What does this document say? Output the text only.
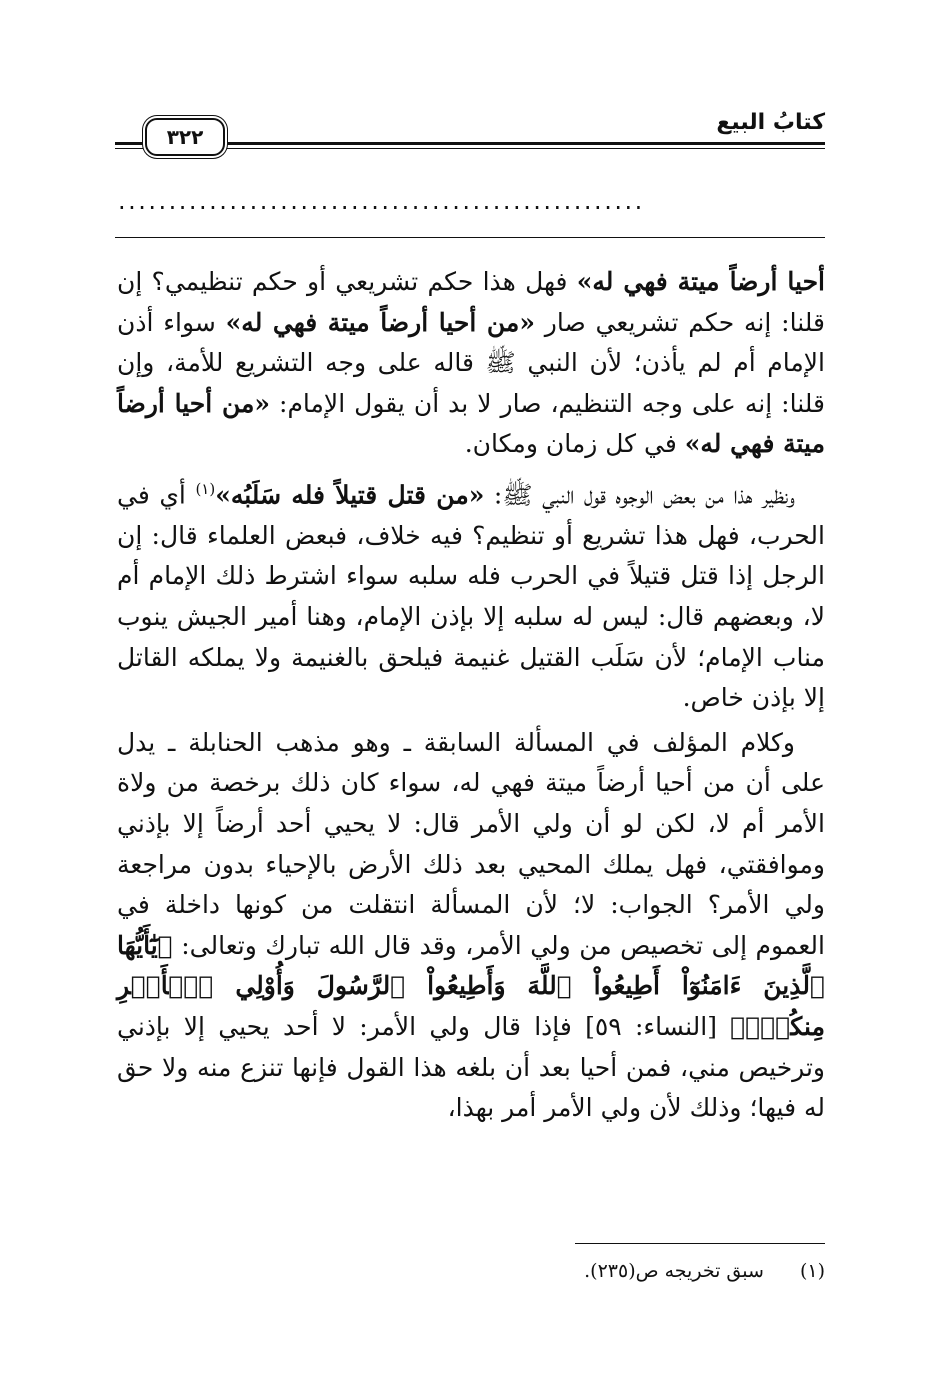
٣٢٢
كتابُ البيع
....................................................

أحيا أرضاً ميتة فهي له» فهل هذا حكم تشريعي أو حكم تنظيمي؟ إن قلنا: إنه حكم تشريعي صار «من أحيا أرضاً ميتة فهي له» سواء أذن الإمام أم لم يأذن؛ لأن النبي ﷺ قاله على وجه التشريع للأمة، وإن قلنا: إنه على وجه التنظيم، صار لا بد أن يقول الإمام: «من أحيا أرضاً ميتة فهي له» في كل زمان ومكان.

ونظير هذا من بعض الوجوه قول النبي ﷺ: «من قتل قتيلاً فله سَلَبُه»$^{(١)}$ أي في الحرب، فهل هذا تشريع أو تنظيم؟ فيه خلاف، فبعض العلماء قال: إن الرجل إذا قتل قتيلاً في الحرب فله سلبه سواء اشترط ذلك الإمام أم لا، وبعضهم قال: ليس له سلبه إلا بإذن الإمام، وهنا أمير الجيش ينوب مناب الإمام؛ لأن سَلَب القتيل غنيمة فيلحق بالغنيمة ولا يملكه القاتل إلا بإذن خاص.

وكلام المؤلف في المسألة السابقة ـ وهو مذهب الحنابلة ـ يدل على أن من أحيا أرضاً ميتة فهي له، سواء كان ذلك برخصة من ولاة الأمر أم لا، لكن لو أن ولي الأمر قال: لا يحيي أحد أرضاً إلا بإذني وموافقتي، فهل يملك المحيي بعد ذلك الأرض بالإحياء بدون مراجعة ولي الأمر؟ الجواب: لا؛ لأن المسألة انتقلت من كونها داخلة في العموم إلى تخصيص من ولي الأمر، وقد قال الله تبارك وتعالى: ﴿يَٰٓأَيُّهَا ٱلَّذِينَ ءَامَنُوٓاْ أَطِيعُواْ ٱللَّهَ وَأَطِيعُواْ ٱلرَّسُولَ وَأُوْلِي ٱلۡأَمۡرِ مِنكُمۡۖ﴾ [النساء: ٥٩] فإذا قال ولي الأمر: لا أحد يحيي إلا بإذني وترخيص مني، فمن أحيا بعد أن بلغه هذا القول فإنها تنزع منه ولا حق له فيها؛ وذلك لأن ولي الأمر أمر بهذا،

(١)سبق تخريجه ص(٢٣٥).
